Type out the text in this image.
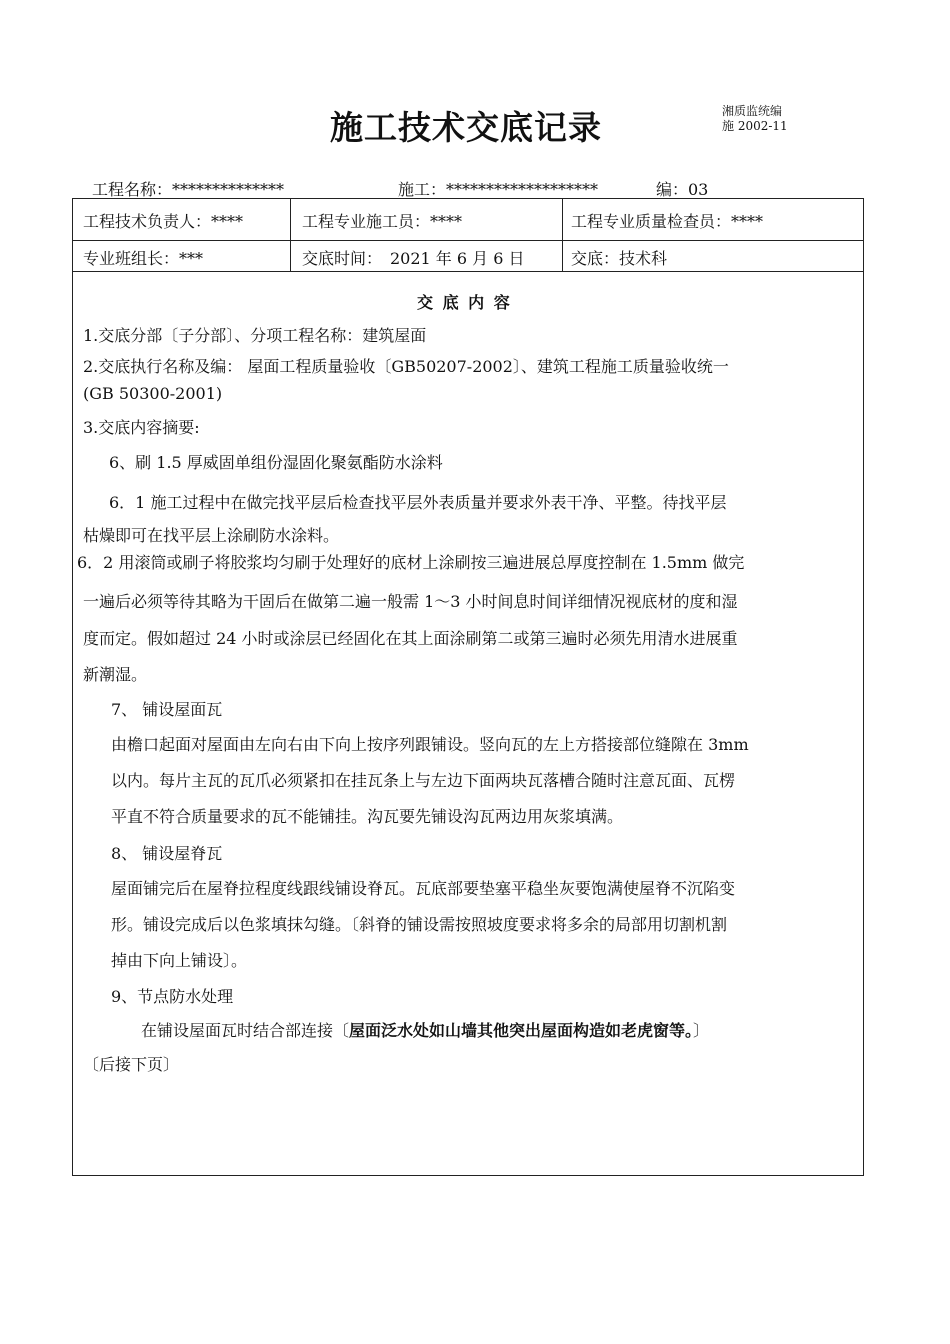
施工技术交底记录	湘质监统编
施 2002-11
工程名称：**************	施工：*******************	编：03
工程技术负责人：****	工程专业施工员：****	工程专业质量检查员：****
专业班组长：***	交底时间：　2021 年 6 月 6 日	交底：技术科
交 底 内 容
1.交底分部〔子分部〕、分项工程名称：建筑屋面
2.交底执行名称及编： 屋面工程质量验收〔GB50207-2002〕、建筑工程施工质量验收统一
(GB 50300-2001)
3.交底内容摘要:
6、刷 1.5 厚威固单组份湿固化聚氨酯防水涂料
6．1 施工过程中在做完找平层后检查找平层外表质量并要求外表干净、平整。待找平层
枯燥即可在找平层上涂刷防水涂料。
6．2 用滚筒或刷子将胶浆均匀刷于处理好的底材上涂刷按三遍进展总厚度控制在 1.5mm 做完
一遍后必须等待其略为干固后在做第二遍一般需 1～3 小时间息时间详细情况视底材的度和湿
度而定。假如超过 24 小时或涂层已经固化在其上面涂刷第二或第三遍时必须先用清水进展重
新潮湿。
7、 铺设屋面瓦
由檐口起面对屋面由左向右由下向上按序列跟铺设。竖向瓦的左上方搭接部位缝隙在 3mm
以内。每片主瓦的瓦爪必须紧扣在挂瓦条上与左边下面两块瓦落槽合随时注意瓦面、瓦楞
平直不符合质量要求的瓦不能铺挂。沟瓦要先铺设沟瓦两边用灰浆填满。
8、 铺设屋脊瓦
屋面铺完后在屋脊拉程度线跟线铺设脊瓦。瓦底部要垫塞平稳坐灰要饱满使屋脊不沉陷变
形。铺设完成后以色浆填抹勾缝。〔斜脊的铺设需按照坡度要求将多余的局部用切割机割
掉由下向上铺设〕。
9、节点防水处理
在铺设屋面瓦时结合部连接〔屋面泛水处如山墙其他突出屋面构造如老虎窗等。〕
〔后接下页〕
